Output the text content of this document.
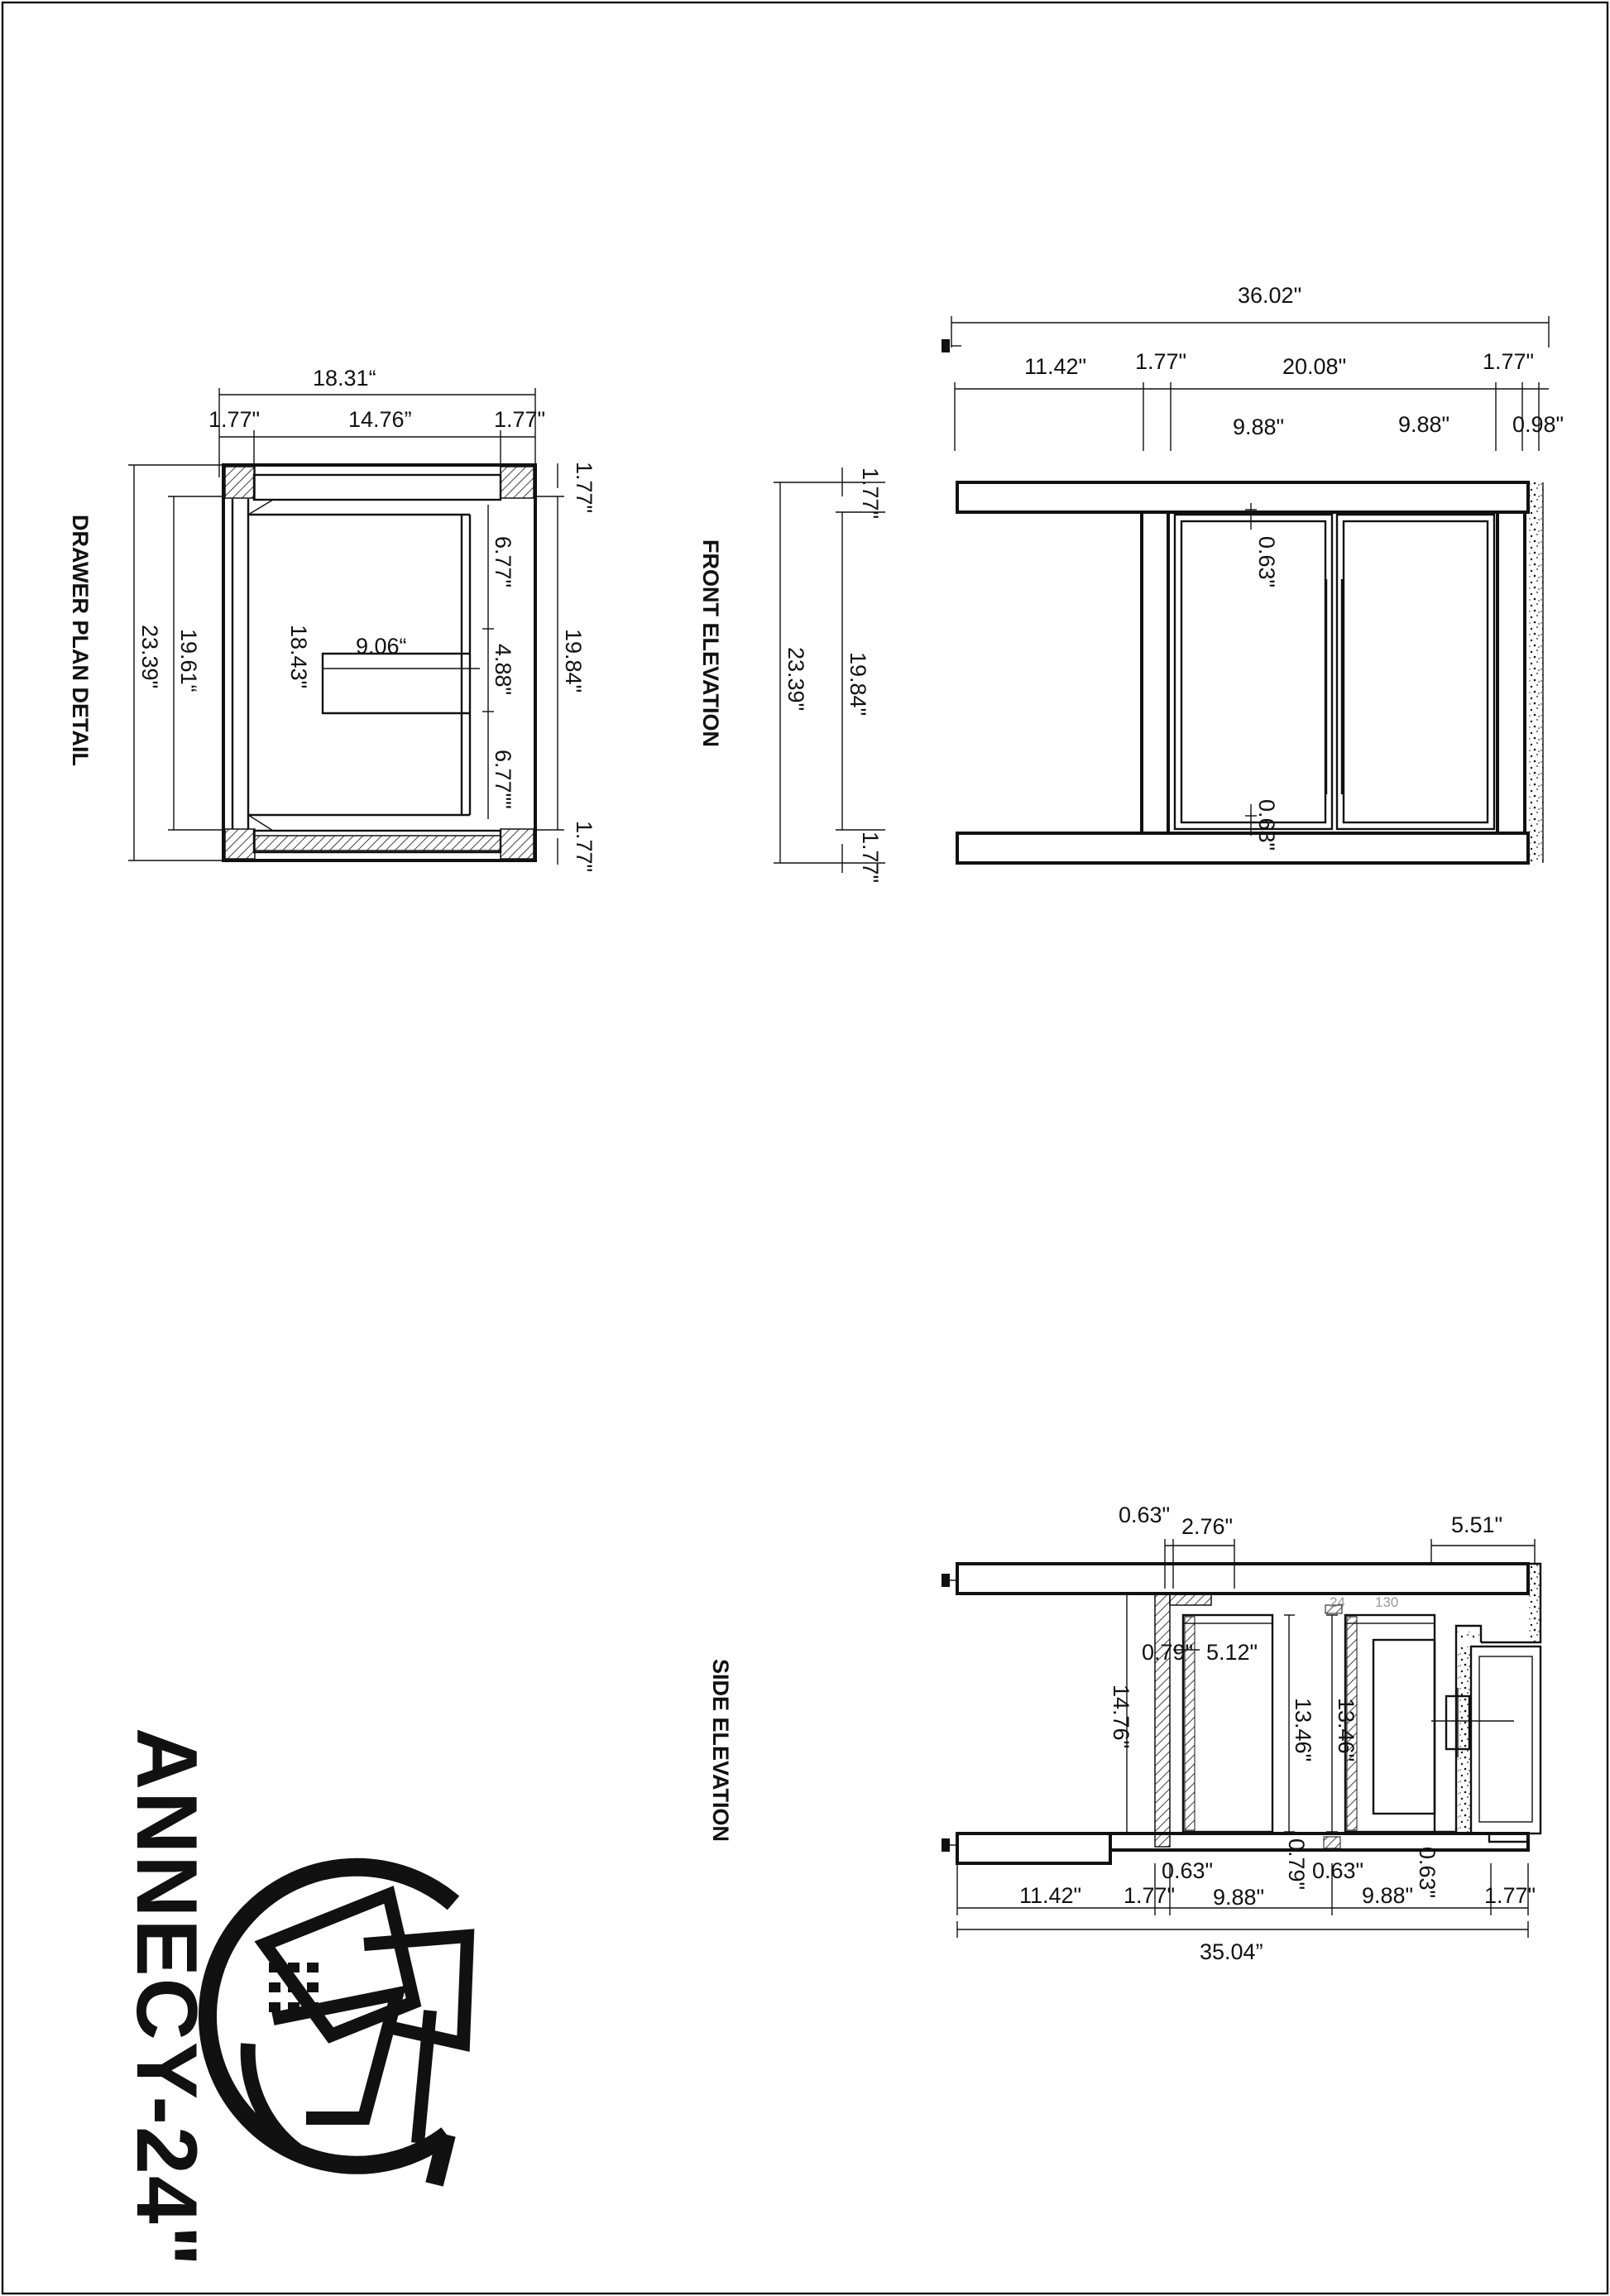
DRAWER PLAN DETAIL
18.31“
1.77"	14.76”	1.77"
23.39" 19.61“	18.43" 9.06“
6.77"
4.88"
6.77""
19.84"
1.77"
1.77"
FRONT ELEVATION
36.02"
11.42" 1.77"	20.08"	1.77"
9.88"	9.88"	0.98"
23.39" 19.84"
1.77"
1.77"
0.63"
0.63"
SIDE ELEVATION
0.63" 2.76"	5.51"
24 130
0.79" 5.12"
14.76"	13.46" 13.46"
0.63"	0.79" 0.63" 0.63"
11.42" 1.77" 9.88"	9.88"	1.77"
35.04”
ANNECY-24"
